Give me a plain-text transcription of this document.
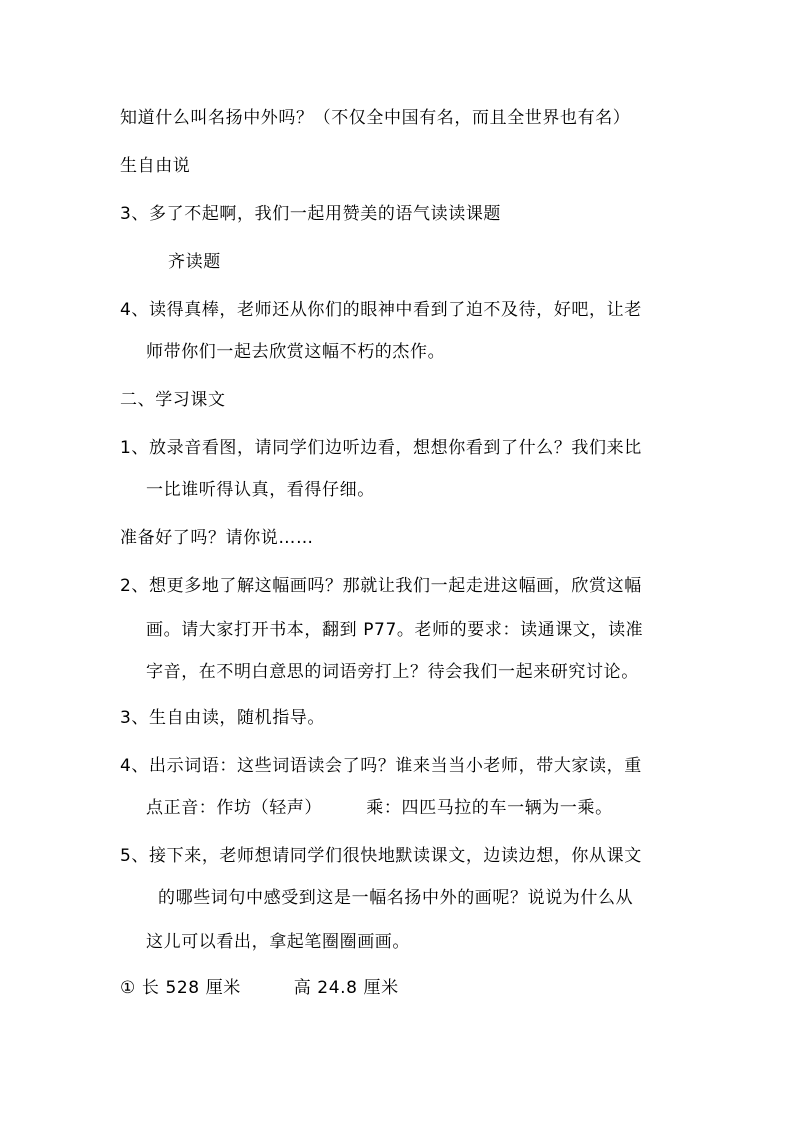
知道什么叫名扬中外吗？（不仅全中国有名，而且全世界也有名）
生自由说
3、多了不起啊，我们一起用赞美的语气读读课题
齐读题
4、读得真棒，老师还从你们的眼神中看到了迫不及待，好吧，让老
师带你们一起去欣赏这幅不朽的杰作。
二、学习课文
1、放录音看图，请同学们边听边看，想想你看到了什么？我们来比
一比谁听得认真，看得仔细。
准备好了吗？请你说……
2、想更多地了解这幅画吗？那就让我们一起走进这幅画，欣赏这幅
画。请大家打开书本，翻到 P77。老师的要求：读通课文，读准
字音，在不明白意思的词语旁打上？待会我们一起来研究讨论。
3、生自由读，随机指导。
4、出示词语：这些词语读会了吗？谁来当当小老师，带大家读，重
点正音：作坊（轻声）　　　乘：四匹马拉的车一辆为一乘。
5、接下来，老师想请同学们很快地默读课文，边读边想，你从课文
的哪些词句中感受到这是一幅名扬中外的画呢？说说为什么从
这儿可以看出，拿起笔圈圈画画。
① 长 528 厘米　　　高 24.8 厘米
